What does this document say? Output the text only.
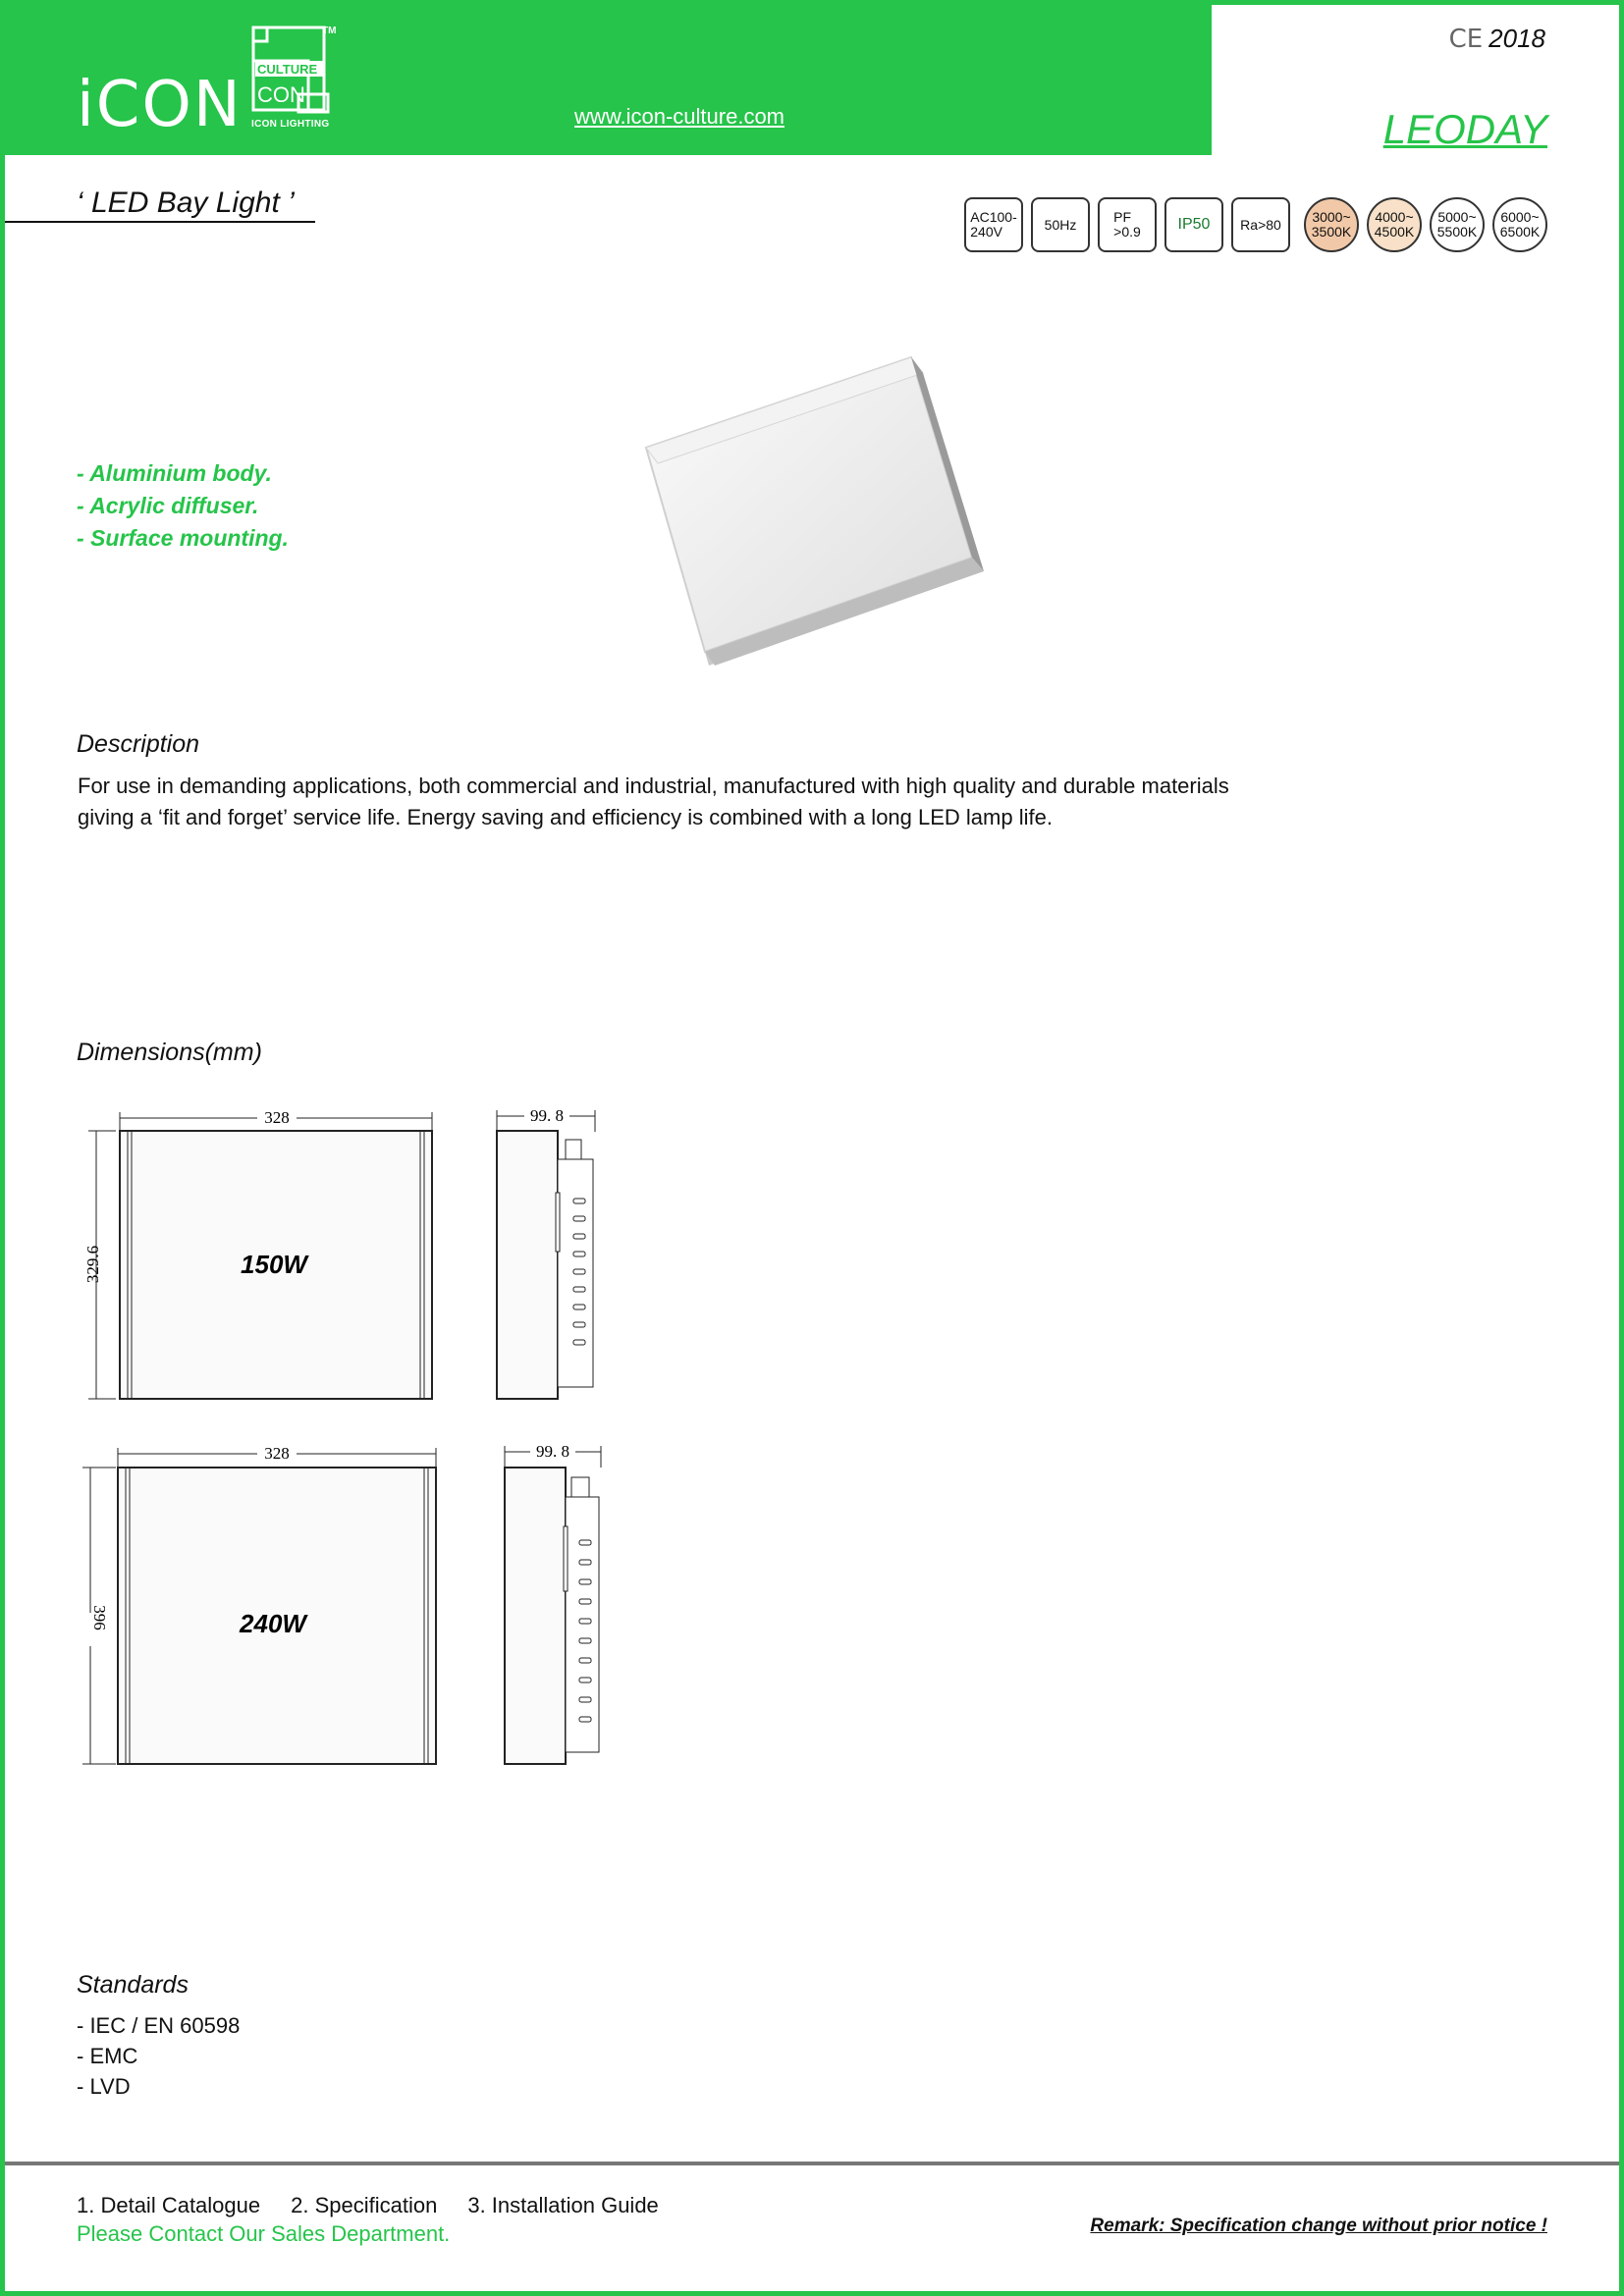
iCON CULTURE
CON
TM
ICON LIGHTING	www.icon-culture.com
CE 2018
LEODAY
‘ LED Bay Light ’	AC100-
240V	50Hz	PF
>0.9	IP50	Ra>80	3000~
3500K
4000~
4500K
5000~
5500K
6000~
6500K
- Aluminium body.
- Acrylic diffuser.
- Surface mounting.
Description
For use in demanding applications, both commercial and industrial, manufactured with high quality and durable materials giving a ‘fit and forget’ service life. Energy saving and efficiency is combined with a long LED lamp life.
Dimensions(mm)
328
329.6	150W
99. 8
328
396	240W
99. 8
Standards
- IEC / EN 60598
- EMC
- LVD
1. Detail Catalogue 2. Specification 3. Installation Guide
Please Contact Our Sales Department.	Remark: Specification change without prior notice !
